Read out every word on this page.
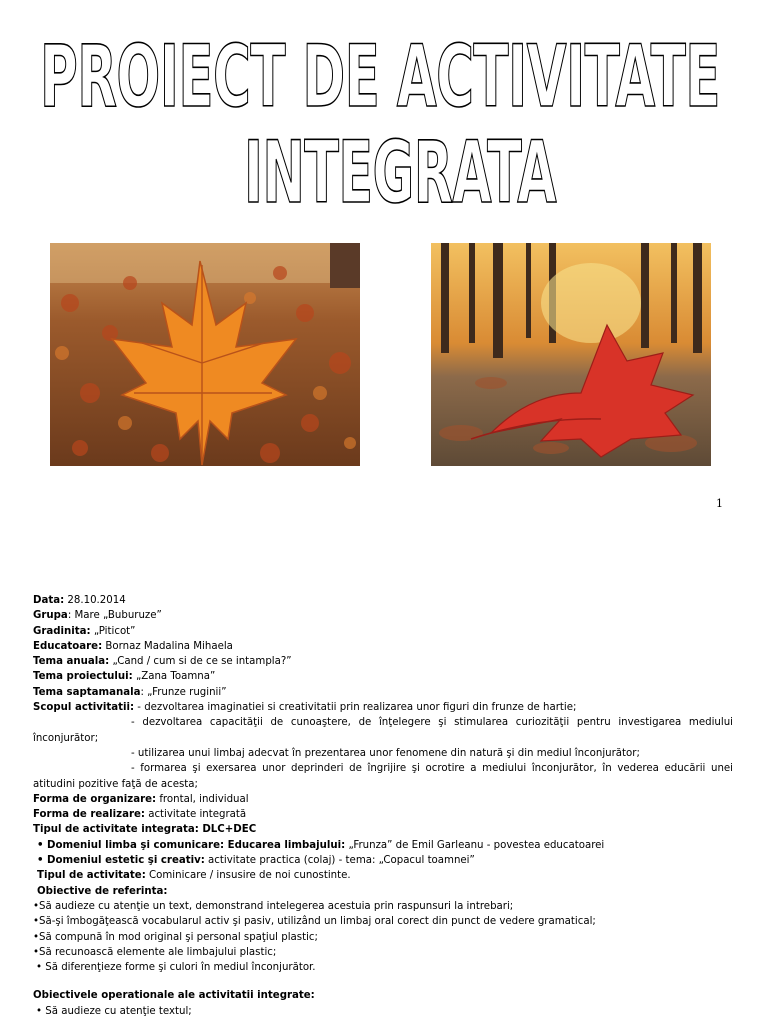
PROIECT DE ACTIVITATE
INTEGRATA
1
Data: 28.10.2014
Grupa: Mare „Buburuze”
Gradinita: „Piticot”
Educatoare: Bornaz Madalina Mihaela
Tema anuala: „Cand / cum si de ce se intampla?”
Tema proiectului: „Zana Toamna”
Tema saptamanala: „Frunze ruginii”
Scopul activitatii: - dezvoltarea imaginatiei si creativitatii prin realizarea unor figuri din frunze de hartie;
- dezvoltarea capacităţii de cunoaştere, de înţelegere şi stimularea curiozităţii pentru investigarea mediului
înconjurător;
- utilizarea unui limbaj adecvat în prezentarea unor fenomene din natură şi din mediul înconjurător;
- formarea şi exersarea unor deprinderi de îngrijire şi ocrotire a mediului înconjurător, în vederea educării unei
atitudini pozitive faţă de acesta;
Forma de organizare: frontal, individual
Forma de realizare: activitate integrată
Tipul de activitate integrata: DLC+DEC
• Domeniul limba şi comunicare: Educarea limbajului: „Frunza” de Emil Garleanu - povestea educatoarei
• Domeniul estetic şi creativ: activitate practica (colaj) - tema: „Copacul toamnei”
Tipul de activitate: Cominicare / insusire de noi cunostinte.
Obiective de referinta:
•Să audieze cu atenţie un text, demonstrand intelegerea acestuia prin raspunsuri la intrebari;
•Să-şi îmbogăţească vocabularul activ şi pasiv, utilizând un limbaj oral corect din punct de vedere gramatical;
•Să compună în mod original şi personal spaţiul plastic;
•Să recunoască elemente ale limbajului plastic;
• Să diferenţieze forme şi culori în mediul înconjurător.
Obiectivele operationale ale activitatii integrate:
• Să audieze cu atenţie textul;
